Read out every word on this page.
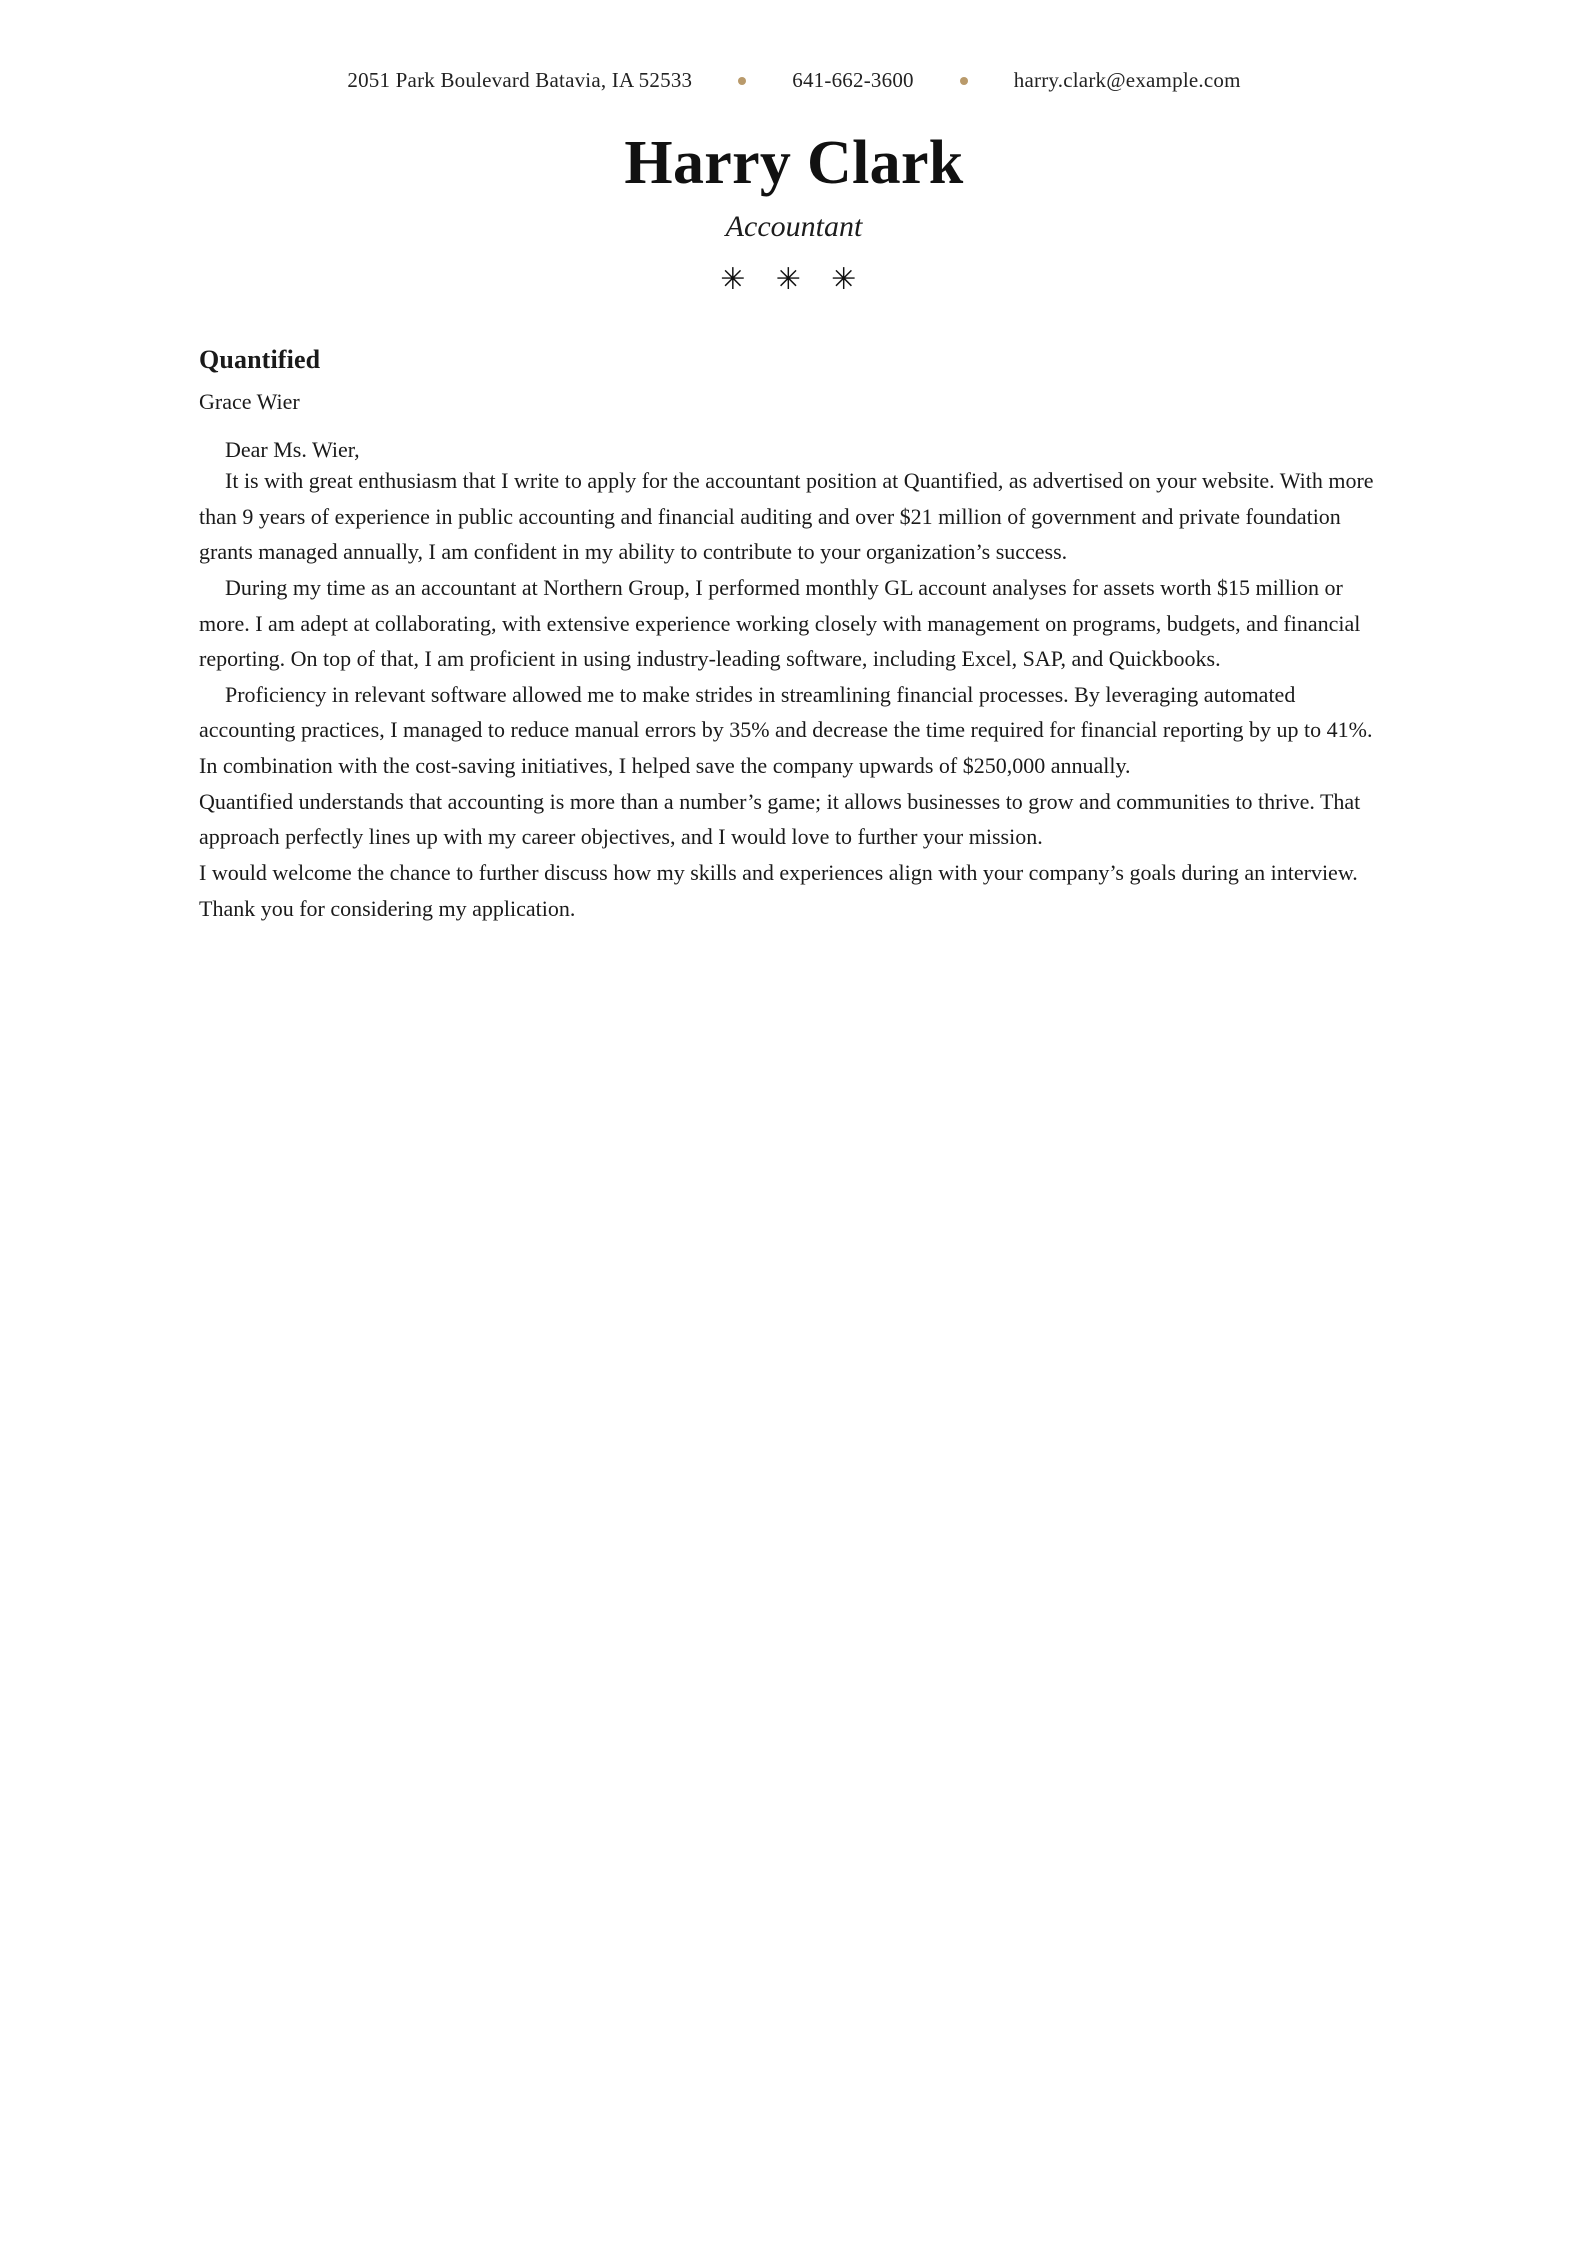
2051 Park Boulevard Batavia, IA 52533	641-662-3600	harry.clark@example.com
Harry Clark
Accountant
✳ ✳ ✳
Quantified
Grace Wier
Dear Ms. Wier,

It is with great enthusiasm that I write to apply for the accountant position at Quantified, as advertised on your website. With more than 9 years of experience in public accounting and financial auditing and over $21 million of government and private foundation grants managed annually, I am confident in my ability to contribute to your organization’s success.

During my time as an accountant at Northern Group, I performed monthly GL account analyses for assets worth $15 million or more. I am adept at collaborating, with extensive experience working closely with management on programs, budgets, and financial reporting. On top of that, I am proficient in using industry-leading software, including Excel, SAP, and Quickbooks.

Proficiency in relevant software allowed me to make strides in streamlining financial processes. By leveraging automated accounting practices, I managed to reduce manual errors by 35% and decrease the time required for financial reporting by up to 41%. In combination with the cost-saving initiatives, I helped save the company upwards of $250,000 annually.

Quantified understands that accounting is more than a number’s game; it allows businesses to grow and communities to thrive. That approach perfectly lines up with my career objectives, and I would love to further your mission.

I would welcome the chance to further discuss how my skills and experiences align with your company’s goals during an interview. Thank you for considering my application.
